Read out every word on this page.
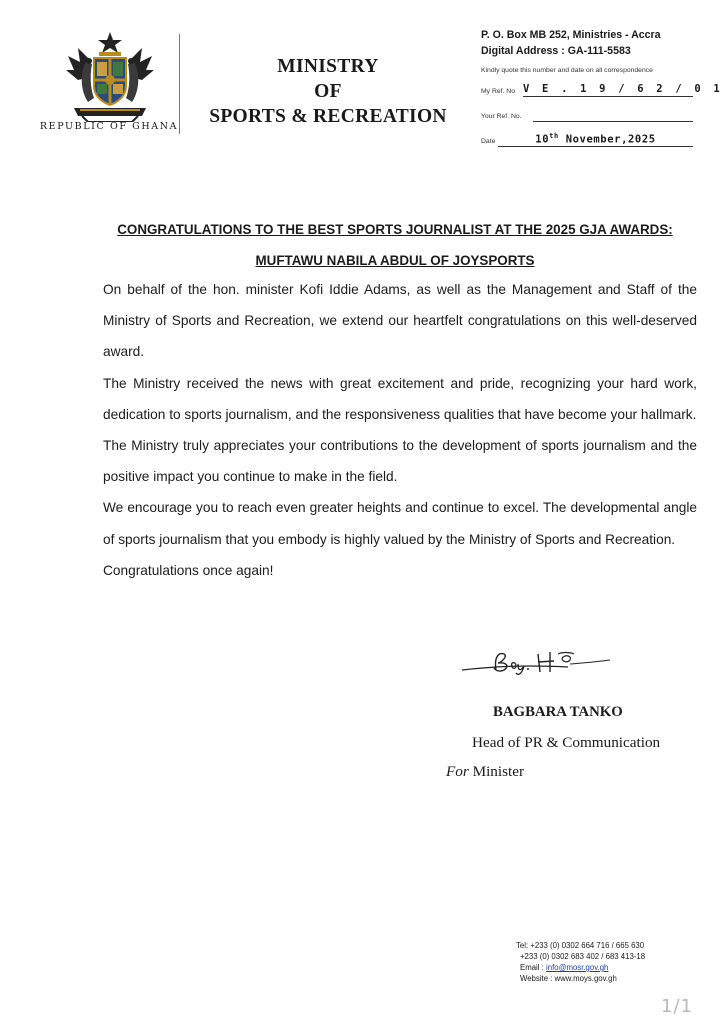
REPUBLIC OF GHANA
MINISTRY
OF
SPORTS & RECREATION
P. O. Box MB 252, Ministries - Accra
Digital Address : GA-111-5583
Kindly quote this number and date on all correspondence
My Ref. No V E . 1 9 / 6 2 / 0 1
Your Ref. No.
Date	10th November,2025
CONGRATULATIONS TO THE BEST SPORTS JOURNALIST AT THE 2025 GJA AWARDS:
MUFTAWU NABILA ABDUL OF JOYSPORTS

On behalf of the hon. minister Kofi Iddie Adams, as well as the Management and Staff of the Ministry of Sports and Recreation, we extend our heartfelt congratulations on this well-deserved award.

The Ministry received the news with great excitement and pride, recognizing your hard work, dedication to sports journalism, and the responsiveness qualities that have become your hallmark.

The Ministry truly appreciates your contributions to the development of sports journalism and the positive impact you continue to make in the field.

We encourage you to reach even greater heights and continue to excel. The developmental angle of sports journalism that you embody is highly valued by the Ministry of Sports and Recreation.

Congratulations once again!

BAGBARA TANKO
Head of PR & Communication
For Minister
Tel: +233 (0) 0302 664 716 / 665 630
+233 (0) 0302 683 402 / 683 413-18
Email : info@mosr.gov.gh
Website : www.moys.gov.gh
1/1
